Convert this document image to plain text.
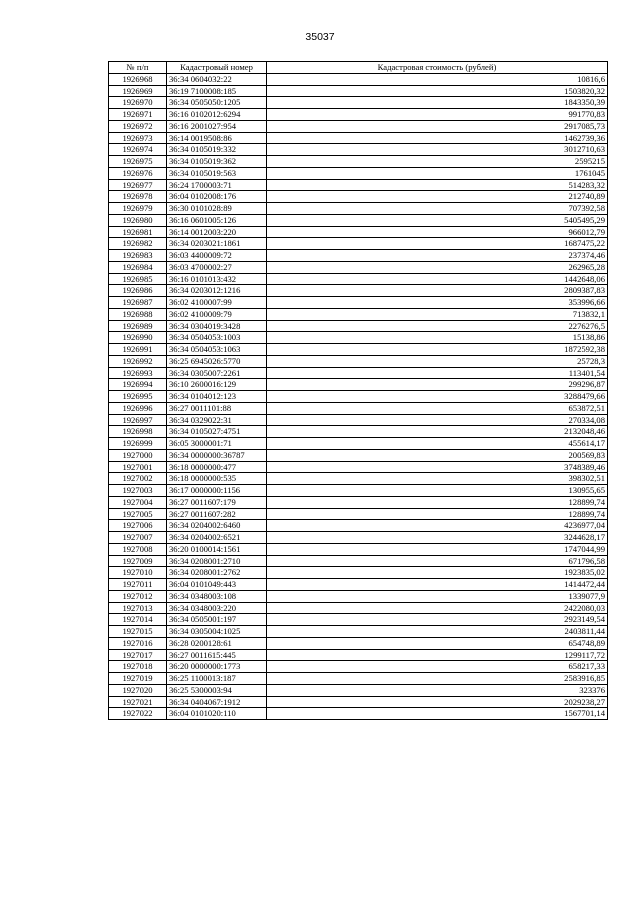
35037
№ п/п	Кадастровый номер	Кадастровая стоимость (рублей)
1926968	36:34 0604032:22	10816,6
1926969	36:19 7100008:185	1503820,32
1926970	36:34 0505050:1205	1843350,39
1926971	36:16 0102012:6294	991770,83
1926972	36:16 2001027:954	2917085,73
1926973	36:14 0019508:86	1462739,36
1926974	36:34 0105019:332	3012710,63
1926975	36:34 0105019:362	2595215
1926976	36:34 0105019:563	1761045
1926977	36:24 1700003:71	514283,32
1926978	36:04 0102008:176	212740,89
1926979	36:30 0101028:89	707392,58
1926980	36:16 0601005:126	5405495,29
1926981	36:14 0012003:220	966012,79
1926982	36:34 0203021:1861	1687475,22
1926983	36:03 4400009:72	237374,46
1926984	36:03 4700002:27	262965,28
1926985	36:16 0101013:432	1442648,06
1926986	36:34 0203012:1216	2809387,83
1926987	36:02 4100007:99	353996,66
1926988	36:02 4100009:79	713832,1
1926989	36:34 0304019:3428	2276276,5
1926990	36:34 0504053:1003	15138,86
1926991	36:34 0504053:1063	1872592,38
1926992	36:25 6945026:5770	25728,3
1926993	36:34 0305007:2261	113401,54
1926994	36:10 2600016:129	299296,87
1926995	36:34 0104012:123	3288479,66
1926996	36:27 0011101:88	653872,51
1926997	36:34 0329022:31	270334,08
1926998	36:34 0105027:4751	2132048,46
1926999	36:05 3000001:71	455614,17
1927000	36:34 0000000:36787	200569,83
1927001	36:18 0000000:477	3748389,46
1927002	36:18 0000000:535	398302,51
1927003	36:17 0000000:1156	130955,65
1927004	36:27 0011607:179	128899,74
1927005	36:27 0011607:282	128899,74
1927006	36:34 0204002:6460	4236977,04
1927007	36:34 0204002:6521	3244628,17
1927008	36:20 0100014:1561	1747044,99
1927009	36:34 0208001:2710	671796,58
1927010	36:34 0208001:2762	1923835,02
1927011	36:04 0101049:443	1414472,44
1927012	36:34 0348003:108	1339077,9
1927013	36:34 0348003:220	2422080,03
1927014	36:34 0505001:197	2923149,54
1927015	36:34 0305004:1025	2403811,44
1927016	36:28 0200128:61	654748,89
1927017	36:27 0011615:445	1299117,72
1927018	36:20 0000000:1773	658217,33
1927019	36:25 1100013:187	2583916,85
1927020	36:25 5300003:94	323376
1927021	36:34 0404067:1912	2029238,27
1927022	36:04 0101020:110	1567701,14
